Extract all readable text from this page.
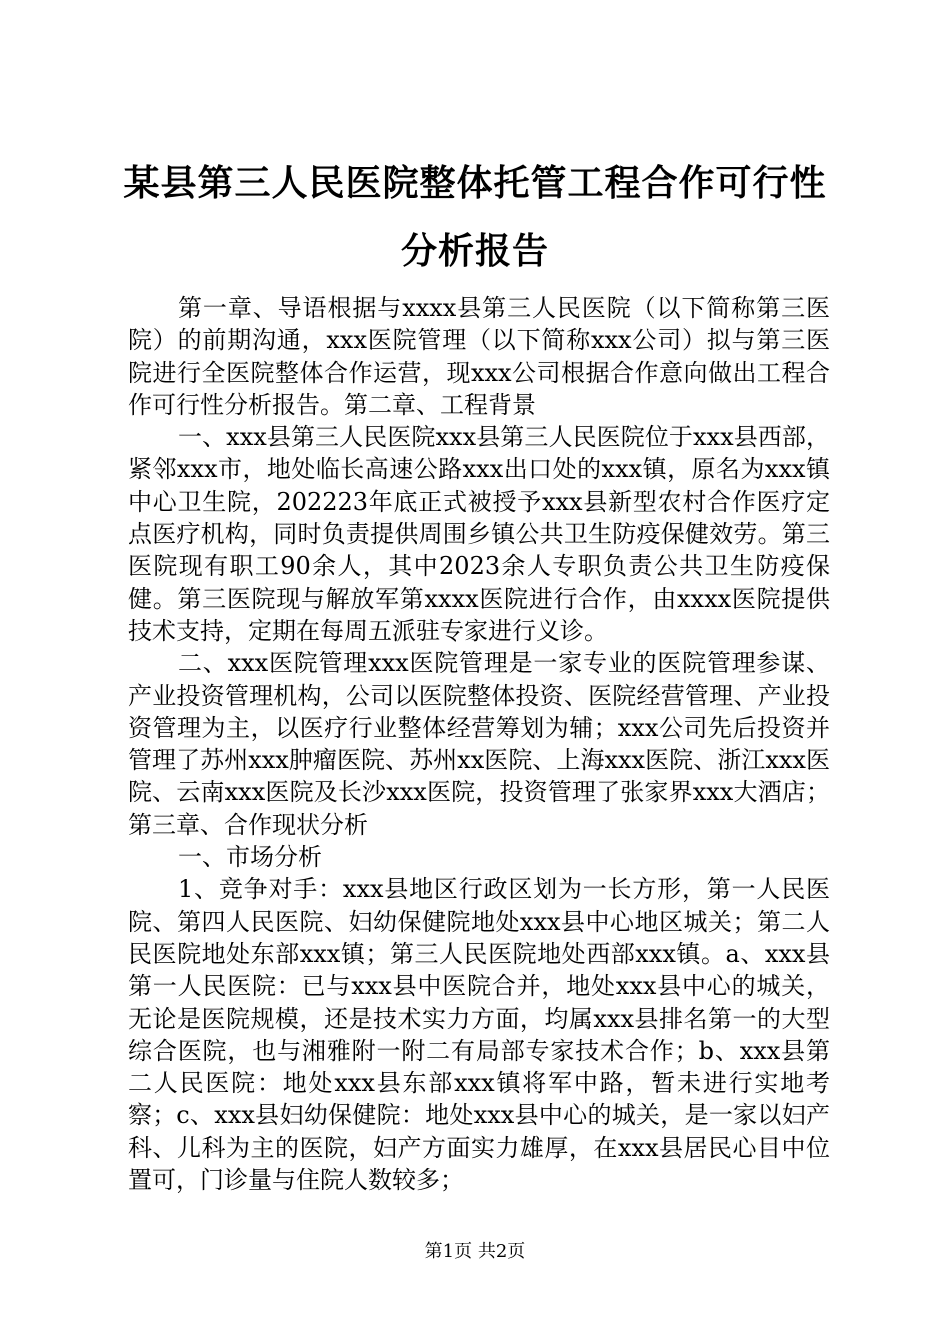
某县第三人民医院整体托管工程合作可行性分析报告

第一章、导语根据与xxxx县第三人民医院（以下简称第三医院）的前期沟通，xxx医院管理（以下简称xxx公司）拟与第三医院进行全医院整体合作运营，现xxx公司根据合作意向做出工程合作可行性分析报告。第二章、工程背景

一、xxx县第三人民医院xxx县第三人民医院位于xxx县西部，紧邻xxx市，地处临长高速公路xxx出口处的xxx镇，原名为xxx镇中心卫生院，202223年底正式被授予xxx县新型农村合作医疗定点医疗机构，同时负责提供周围乡镇公共卫生防疫保健效劳。第三医院现有职工90余人，其中2023余人专职负责公共卫生防疫保健。第三医院现与解放军第xxxx医院进行合作，由xxxx医院提供技术支持，定期在每周五派驻专家进行义诊。

二、xxx医院管理xxx医院管理是一家专业的医院管理参谋、产业投资管理机构，公司以医院整体投资、医院经营管理、产业投资管理为主，以医疗行业整体经营筹划为辅；xxx公司先后投资并管理了苏州xxx肿瘤医院、苏州xx医院、上海xxx医院、浙江xxx医院、云南xxx医院及长沙xxx医院，投资管理了张家界xxx大酒店；第三章、合作现状分析

一、市场分析

1、竞争对手：xxx县地区行政区划为一长方形，第一人民医院、第四人民医院、妇幼保健院地处xxx县中心地区城关；第二人民医院地处东部xxx镇；第三人民医院地处西部xxx镇。a、xxx县第一人民医院：已与xxx县中医院合并，地处xxx县中心的城关，无论是医院规模，还是技术实力方面，均属xxx县排名第一的大型综合医院，也与湘雅附一附二有局部专家技术合作；b、xxx县第二人民医院：地处xxx县东部xxx镇将军中路，暂未进行实地考察；c、xxx县妇幼保健院：地处xxx县中心的城关，是一家以妇产科、儿科为主的医院，妇产方面实力雄厚，在xxx县居民心目中位置可，门诊量与住院人数较多；

第1页 共2页
